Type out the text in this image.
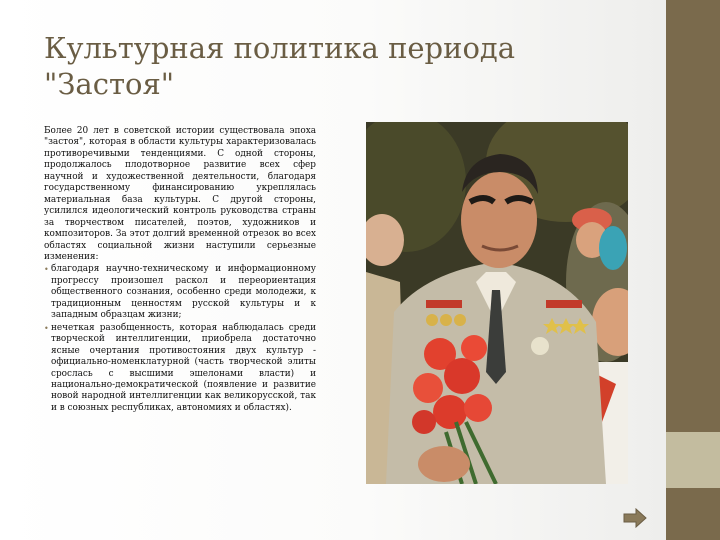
Культурная политика периода
"Застоя"

Более 20 лет в советской истории существовала эпоха "застоя", которая в области культуры характеризовалась противоречивыми тенденциями. С одной стороны, продолжалось плодотворное развитие всех сфер научной и художественной деятельности, благодаря государственному финансированию укреплялась материальная база культуры. С другой стороны, усилился идеологический контроль руководства страны за творчеством писателей, поэтов, художников и композиторов. За этот долгий временной отрезок во всех областях социальной жизни наступили серьезные изменения:

• благодаря научно-техническому и информационному прогрессу произошел раскол и переориентация общественного сознания, особенно среди молодежи, к традиционным ценностям русской культуры и к западным образцам жизни;
• нечеткая разобщенность, которая наблюдалась среди творческой интеллигенции, приобрела достаточно ясные очертания противостояния двух культур - официально-номенклатурной (часть творческой элиты срослась с высшими эшелонами власти) и национально-демократической (появление и развитие новой народной интеллигенции как великорусской, так и в союзных республиках, автономиях и областях).
